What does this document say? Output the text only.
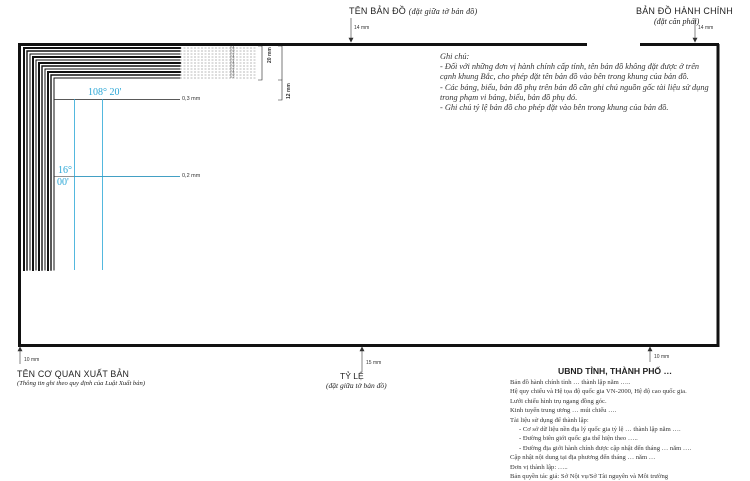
TÊN BẢN ĐỒ (đặt giữa tờ bản đồ)
14 mm
BẢN ĐỒ HÀNH CHÍNH
(đặt căn phải)
14 mm
0,4
0,3
0,2
0,4
0,2
0,4
0,3
0,2
0,4
0,3
0,2
20 mm
12 mm
108° 20'
16°
00'
0,3 mm
0,2 mm
Ghi chú:
- Đối với những đơn vị hành chính cấp tỉnh, tên bản đồ không đặt được ở trên
cạnh khung Bắc, cho phép đặt tên bản đồ vào bên trong khung của bản đồ.
- Các bảng, biểu, bản đồ phụ trên bản đồ cần ghi chú nguồn gốc tài liệu sử dụng
trong phạm vi bảng, biểu, bản đồ phụ đó.
- Ghi chú tỷ lệ bản đồ cho phép đặt vào bên trong khung của bản đồ.
10 mm	15 mm
10 mm
TÊN CƠ QUAN XUẤT BẢN
(Thông tin ghi theo quy định của Luật Xuất bản)
TỶ LỆ
(đặt giữa tờ bản đồ)
UBND TỈNH, THÀNH PHỐ …
Bản đồ hành chính tỉnh … thành lập năm …..
Hệ quy chiếu và Hệ tọa độ quốc gia VN-2000, Hệ độ cao quốc gia.
Lưới chiếu hình trụ ngang đồng góc.
Kinh tuyến trung ương … múi chiếu ….
Tài liệu sử dụng để thành lập:
- Cơ sở dữ liệu nền địa lý quốc gia tỷ lệ … thành lập năm ….
- Đường biên giới quốc gia thể hiện theo …..
- Đường địa giới hành chính được cập nhật đến tháng … năm ….
Cập nhật nội dung tại địa phương đến tháng … năm …
Đơn vị thành lập: …..
Bản quyền tác giả: Sở Nội vụ/Sở Tài nguyên và Môi trường
